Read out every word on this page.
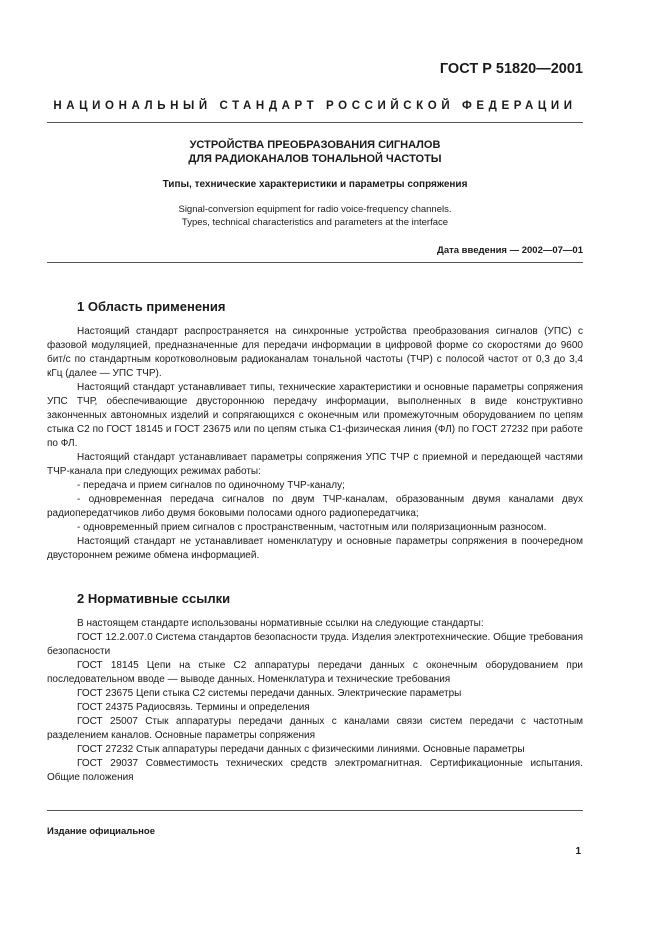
ГОСТ Р 51820—2001
НАЦИОНАЛЬНЫЙ СТАНДАРТ РОССИЙСКОЙ ФЕДЕРАЦИИ
УСТРОЙСТВА ПРЕОБРАЗОВАНИЯ СИГНАЛОВ
ДЛЯ РАДИОКАНАЛОВ ТОНАЛЬНОЙ ЧАСТОТЫ
Типы, технические характеристики и параметры сопряжения
Signal-conversion equipment for radio voice-frequency channels.
Types, technical characteristics and parameters at the interface
Дата введения — 2002—07—01
1 Область применения

Настоящий стандарт распространяется на синхронные устройства преобразования сигналов (УПС) с фазовой модуляцией, предназначенные для передачи информации в цифровой форме со скоростями до 9600 бит/с по стандартным коротковолновым радиоканалам тональной частоты (ТЧР) с полосой частот от 0,3 до 3,4 кГц (далее — УПС ТЧР).

Настоящий стандарт устанавливает типы, технические характеристики и основные параметры сопряжения УПС ТЧР, обеспечивающие двустороннюю передачу информации, выполненных в виде конструктивно законченных автономных изделий и сопрягающихся с оконечным или промежуточным оборудованием по цепям стыка С2 по ГОСТ 18145 и ГОСТ 23675 или по цепям стыка С1-физическая линия (ФЛ) по ГОСТ 27232 при работе по ФЛ.

Настоящий стандарт устанавливает параметры сопряжения УПС ТЧР с приемной и передающей частями ТЧР-канала при следующих режимах работы:

- передача и прием сигналов по одиночному ТЧР-каналу;

- одновременная передача сигналов по двум ТЧР-каналам, образованным двумя каналами двух радиопередатчиков либо двумя боковыми полосами одного радиопередатчика;

- одновременный прием сигналов с пространственным, частотным или поляризационным разносом.

Настоящий стандарт не устанавливает номенклатуру и основные параметры сопряжения в поочередном двустороннем режиме обмена информацией.

2 Нормативные ссылки

В настоящем стандарте использованы нормативные ссылки на следующие стандарты:

ГОСТ 12.2.007.0 Система стандартов безопасности труда. Изделия электротехнические. Общие требования безопасности

ГОСТ 18145 Цепи на стыке С2 аппаратуры передачи данных с оконечным оборудованием при последовательном вводе — выводе данных. Номенклатура и технические требования

ГОСТ 23675 Цепи стыка С2 системы передачи данных. Электрические параметры

ГОСТ 24375 Радиосвязь. Термины и определения

ГОСТ 25007 Стык аппаратуры передачи данных с каналами связи систем передачи с частотным разделением каналов. Основные параметры сопряжения

ГОСТ 27232 Стык аппаратуры передачи данных с физическими линиями. Основные параметры

ГОСТ 29037 Совместимость технических средств электромагнитная. Сертификационные испытания. Общие положения

Издание официальное
1
